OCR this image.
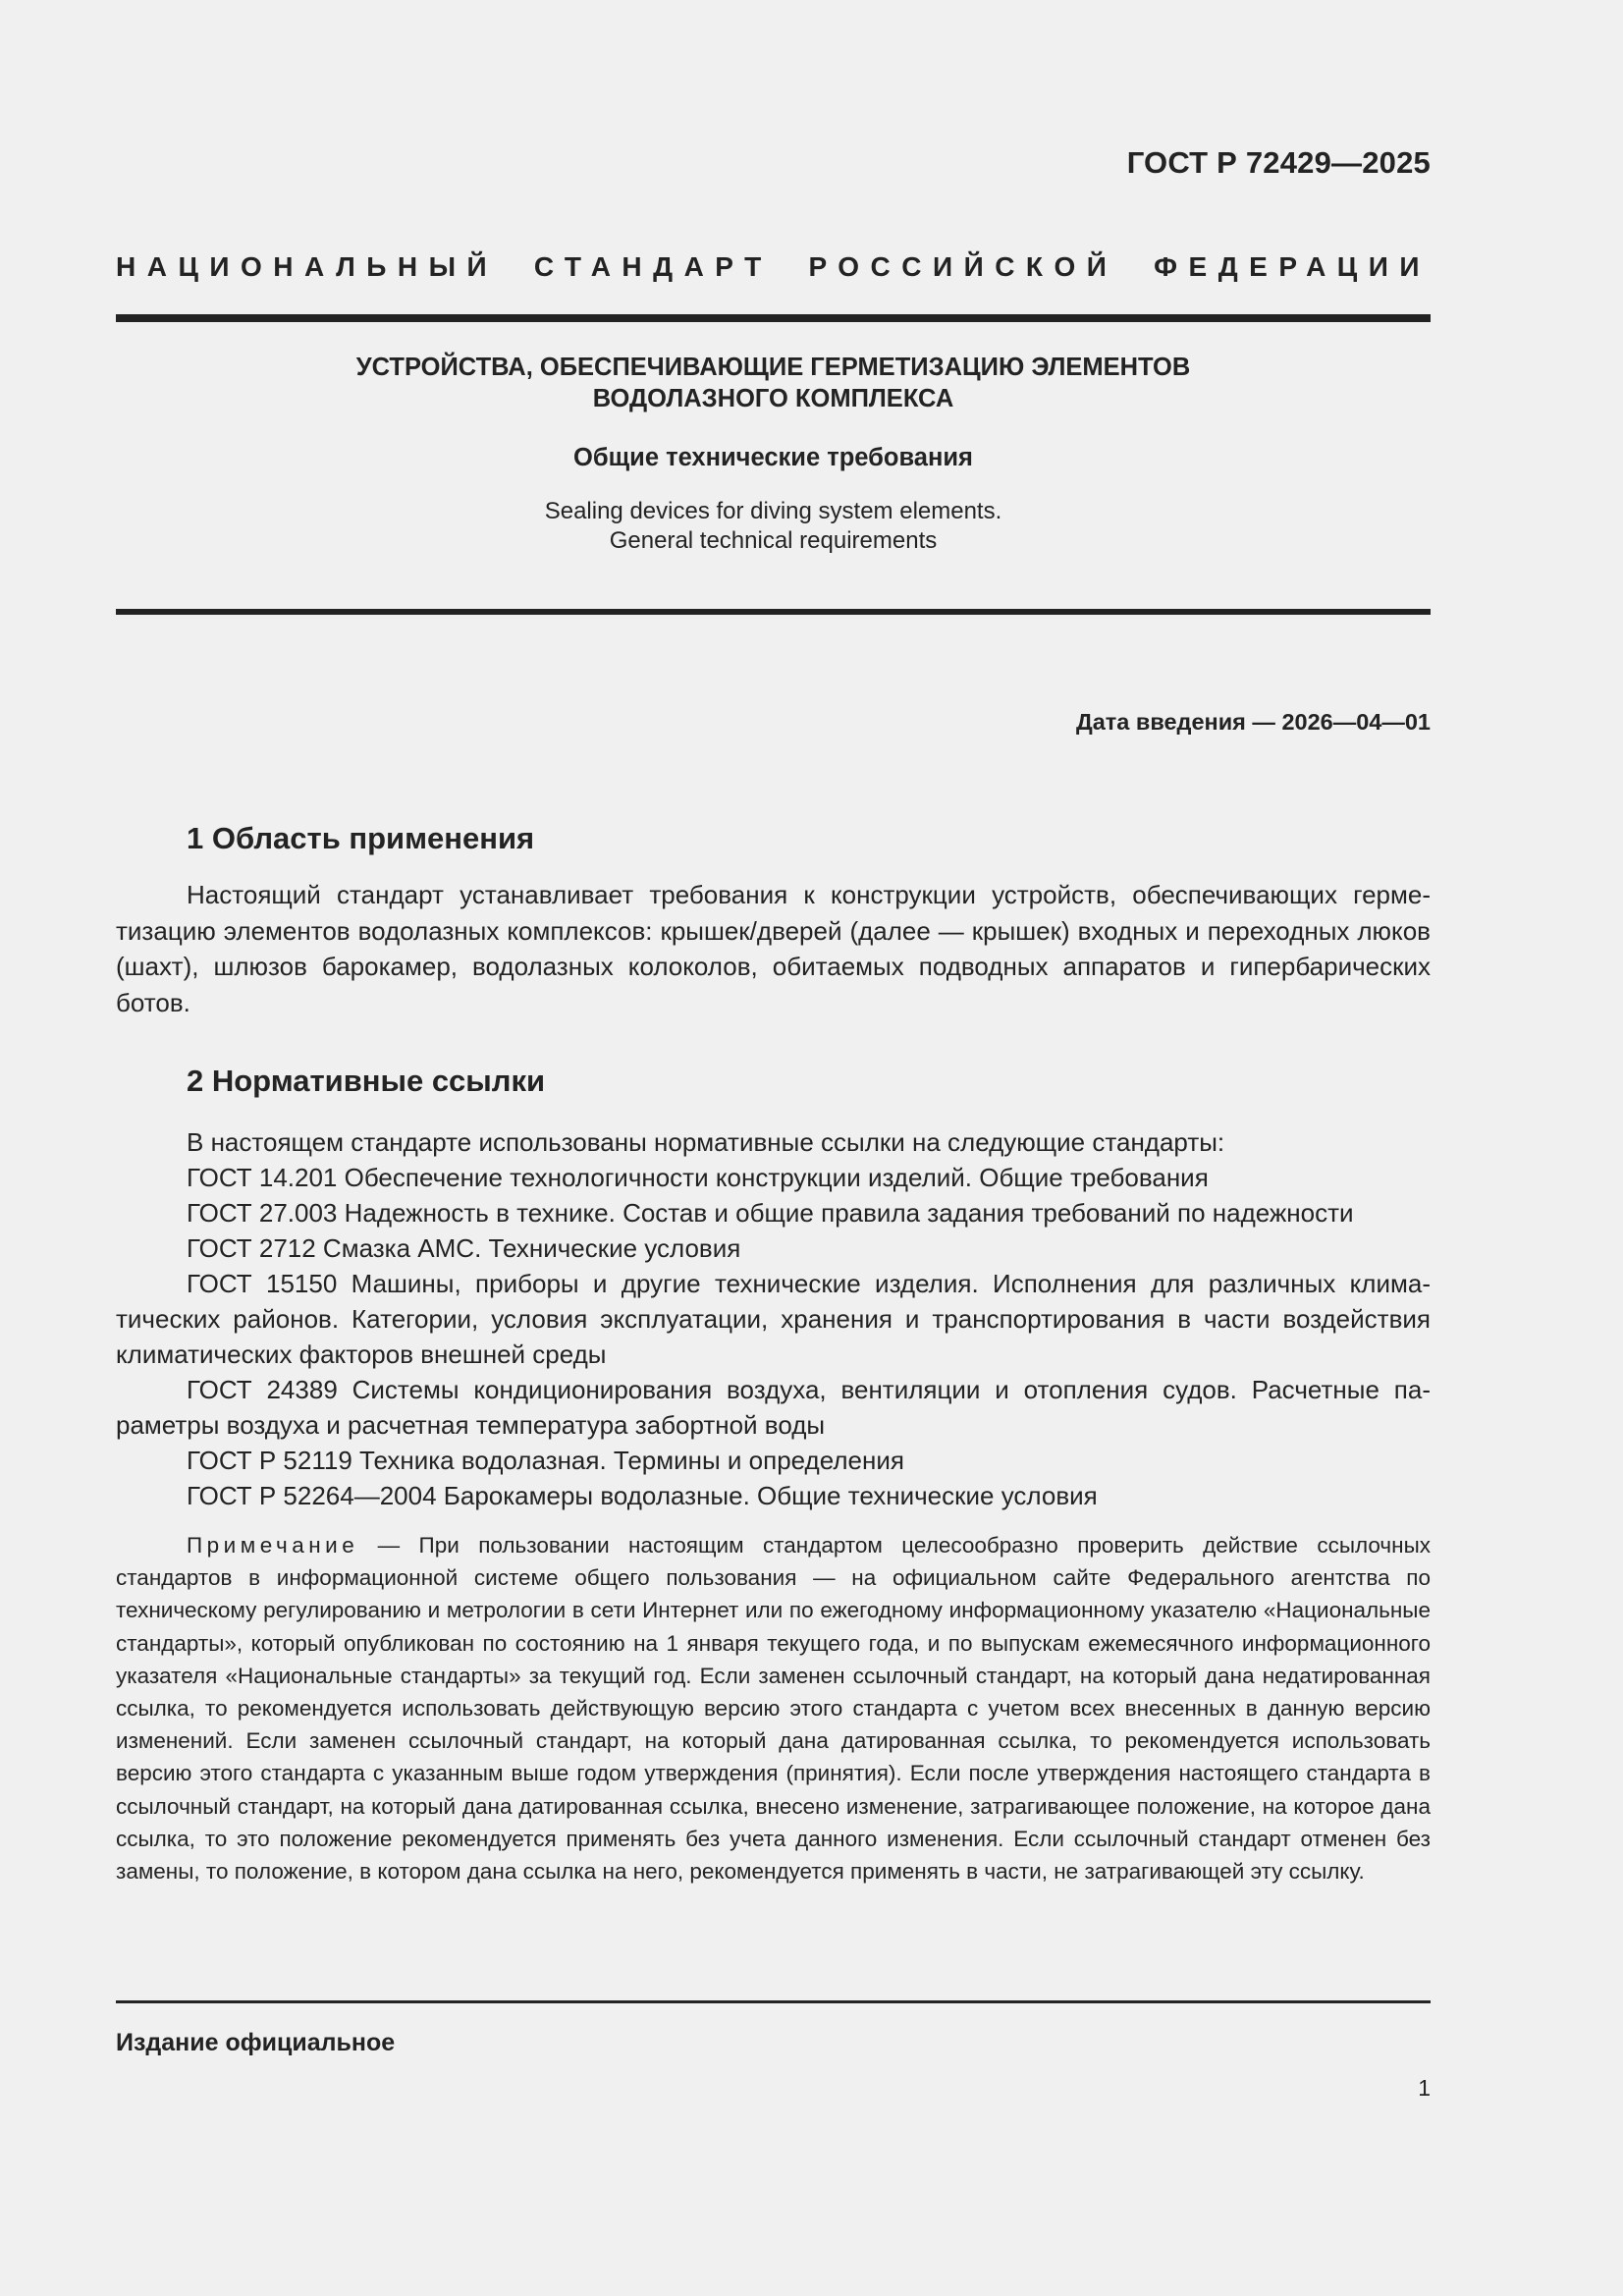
ГОСТ Р 72429—2025
НАЦИОНАЛЬНЫЙ СТАНДАРТ РОССИЙСКОЙ ФЕДЕРАЦИИ
УСТРОЙСТВА, ОБЕСПЕЧИВАЮЩИЕ ГЕРМЕТИЗАЦИЮ ЭЛЕМЕНТОВ
ВОДОЛАЗНОГО КОМПЛЕКСА
Общие технические требования
Sealing devices for diving system elements.
General technical requirements
Дата введения — 2026—04—01
1 Область применения

Настоящий стандарт устанавливает требования к конструкции устройств, обеспечивающих герметизацию элементов водолазных комплексов: крышек/дверей (далее — крышек) входных и переходных люков (шахт), шлюзов барокамер, водолазных колоколов, обитаемых подводных аппаратов и гипербарических ботов.

2 Нормативные ссылки

В настоящем стандарте использованы нормативные ссылки на следующие стандарты:

ГОСТ 14.201 Обеспечение технологичности конструкции изделий. Общие требования

ГОСТ 27.003 Надежность в технике. Состав и общие правила задания требований по надежности

ГОСТ 2712 Смазка АМС. Технические условия

ГОСТ 15150 Машины, приборы и другие технические изделия. Исполнения для различных климатических районов. Категории, условия эксплуатации, хранения и транспортирования в части воздействия климатических факторов внешней среды

ГОСТ 24389 Системы кондиционирования воздуха, вентиляции и отопления судов. Расчетные параметры воздуха и расчетная температура забортной воды

ГОСТ Р 52119 Техника водолазная. Термины и определения

ГОСТ Р 52264—2004 Барокамеры водолазные. Общие технические условия

Примечание — При пользовании настоящим стандартом целесообразно проверить действие ссылочных стандартов в информационной системе общего пользования — на официальном сайте Федерального агентства по техническому регулированию и метрологии в сети Интернет или по ежегодному информационному указателю «Национальные стандарты», который опубликован по состоянию на 1 января текущего года, и по выпускам ежемесячного информационного указателя «Национальные стандарты» за текущий год. Если заменен ссылочный стандарт, на который дана недатированная ссылка, то рекомендуется использовать действующую версию этого стандарта с учетом всех внесенных в данную версию изменений. Если заменен ссылочный стандарт, на который дана датированная ссылка, то рекомендуется использовать версию этого стандарта с указанным выше годом утверждения (принятия). Если после утверждения настоящего стандарта в ссылочный стандарт, на который дана датированная ссылка, внесено изменение, затрагивающее положение, на которое дана ссылка, то это положение рекомендуется применять без учета данного изменения. Если ссылочный стандарт отменен без замены, то положение, в котором дана ссылка на него, рекомендуется применять в части, не затрагивающей эту ссылку.

Издание официальное
1
